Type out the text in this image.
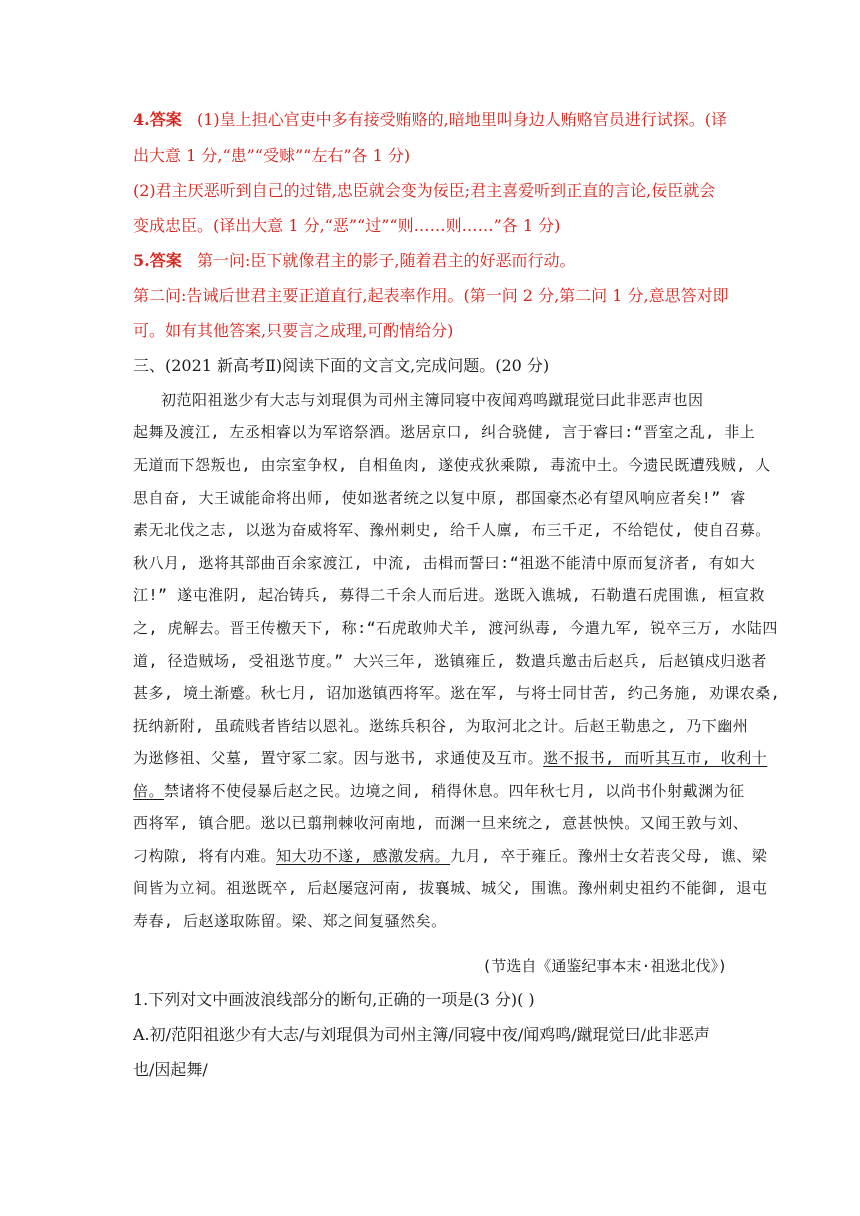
4.答案 (1)皇上担心官吏中多有接受贿赂的,暗地里叫身边人贿赂官员进行试探。(译
出大意 1 分,“患”“受赇”“左右”各 1 分)
(2)君主厌恶听到自己的过错,忠臣就会变为佞臣;君主喜爱听到正直的言论,佞臣就会
变成忠臣。(译出大意 1 分,“恶”“过”“则……则……”各 1 分)
5.答案 第一问:臣下就像君主的影子,随着君主的好恶而行动。
第二问:告诫后世君主要正道直行,起表率作用。(第一问 2 分,第二问 1 分,意思答对即
可。如有其他答案,只要言之成理,可酌情给分)
三、(2021 新高考Ⅱ)阅读下面的文言文,完成问题。(20 分)
初范阳祖逖少有大志与刘琨俱为司州主簿同寝中夜闻鸡鸣蹴琨觉曰此非恶声也因
起舞及渡江, 左丞相睿以为军谘祭酒。逖居京口, 纠合骁健, 言于睿曰:“晋室之乱, 非上
无道而下怨叛也, 由宗室争权, 自相鱼肉, 遂使戎狄乘隙, 毒流中土。今遗民既遭残贼, 人
思自奋, 大王诚能命将出师, 使如逖者统之以复中原, 郡国豪杰必有望风响应者矣!” 睿
素无北伐之志, 以逖为奋威将军、豫州刺史, 给千人廪, 布三千疋, 不给铠仗, 使自召募。
秋八月, 逖将其部曲百余家渡江, 中流, 击楫而誓曰:“祖逖不能清中原而复济者, 有如大
江!” 遂屯淮阴, 起冶铸兵, 募得二千余人而后进。逖既入谯城, 石勒遣石虎围谯, 桓宣救
之, 虎解去。晋王传檄天下, 称:“石虎敢帅犬羊, 渡河纵毒, 今遣九军, 锐卒三万, 水陆四
道, 径造贼场, 受祖逖节度。” 大兴三年, 逖镇雍丘, 数遣兵邀击后赵兵, 后赵镇戍归逖者
甚多, 境土渐蹙。秋七月, 诏加逖镇西将军。逖在军, 与将士同甘苦, 约己务施, 劝课农桑,
抚纳新附, 虽疏贱者皆结以恩礼。逖练兵积谷, 为取河北之计。后赵王勒患之, 乃下幽州
为逖修祖、父墓, 置守冢二家。因与逖书, 求通使及互市。逖不报书, 而听其互市, 收利十
倍。禁诸将不使侵暴后赵之民。边境之间, 稍得休息。四年秋七月, 以尚书仆射戴渊为征
西将军, 镇合肥。逖以已翦荆棘收河南地, 而渊一旦来统之, 意甚怏怏。又闻王敦与刘、
刁构隙, 将有内难。知大功不遂, 感激发病。九月, 卒于雍丘。豫州士女若丧父母, 谯、梁
间皆为立祠。祖逖既卒, 后赵屡寇河南, 拔襄城、城父, 围谯。豫州刺史祖约不能御, 退屯
寿春, 后赵遂取陈留。梁、郑之间复骚然矣。
(节选自《通鉴纪事本末·祖逖北伐》)
1.下列对文中画波浪线部分的断句,正确的一项是(3 分)( )
A.初/范阳祖逖少有大志/与刘琨俱为司州主簿/同寝中夜/闻鸡鸣/蹴琨觉曰/此非恶声
也/因起舞/
